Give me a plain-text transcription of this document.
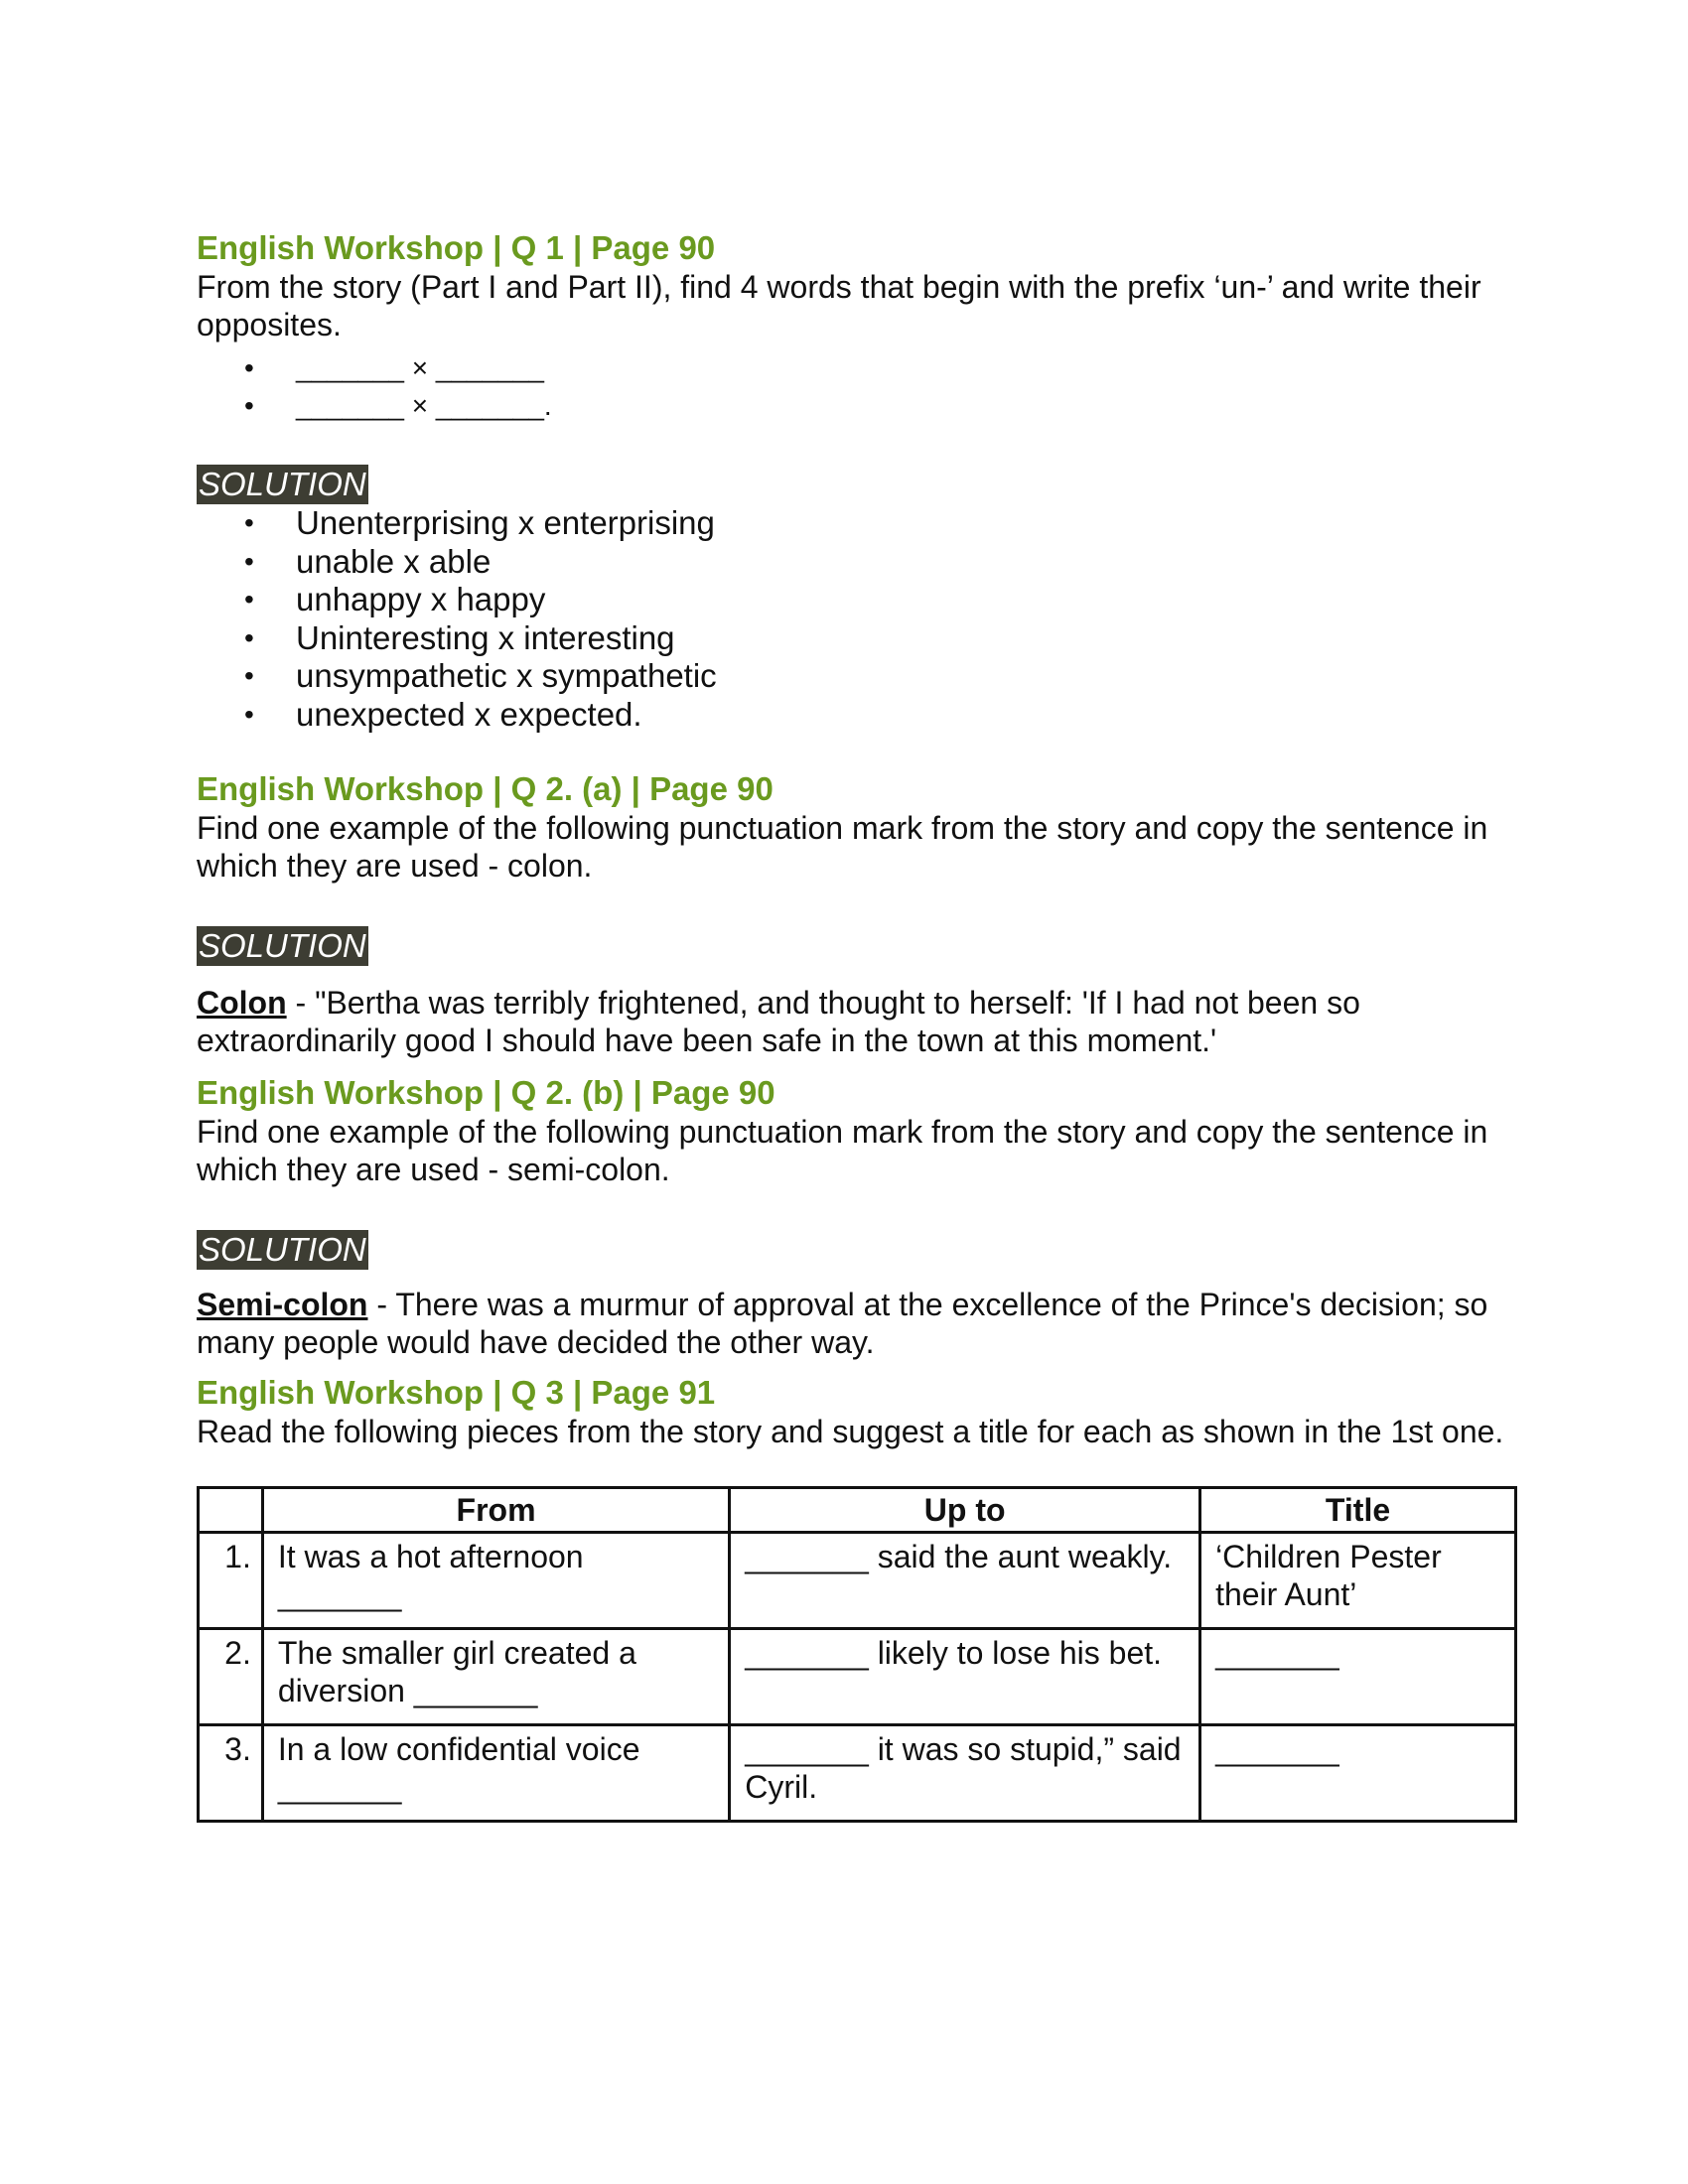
English Workshop | Q 1 | Page 90

From the story (Part I and Part II), find 4 words that begin with the prefix ‘un-’ and write their opposites.

• _______ × _______
• _______ × _______.
SOLUTION
• Unenterprising x enterprising
• unable x able
• unhappy x happy
• Uninteresting x interesting
• unsympathetic x sympathetic
• unexpected x expected.
English Workshop | Q 2. (a) | Page 90

Find one example of the following punctuation mark from the story and copy the sentence in which they are used - colon.

SOLUTION

Colon - "Bertha was terribly frightened, and thought to herself: 'If I had not been so extraordinarily good I should have been safe in the town at this moment.'

English Workshop | Q 2. (b) | Page 90

Find one example of the following punctuation mark from the story and copy the sentence in which they are used - semi-colon.

SOLUTION

Semi-colon - There was a murmur of approval at the excellence of the Prince's decision; so many people would have decided the other way.

English Workshop | Q 3 | Page 91

Read the following pieces from the story and suggest a title for each as shown in the 1st one.

	From	Up to	Title
1.	It was a hot afternoon _______	_______ said the aunt weakly.	‘Children Pester their Aunt’
2.	The smaller girl created a diversion _______	_______ likely to lose his bet.	_______
3.	In a low confidential voice _______	_______ it was so stupid,” said Cyril.	_______
